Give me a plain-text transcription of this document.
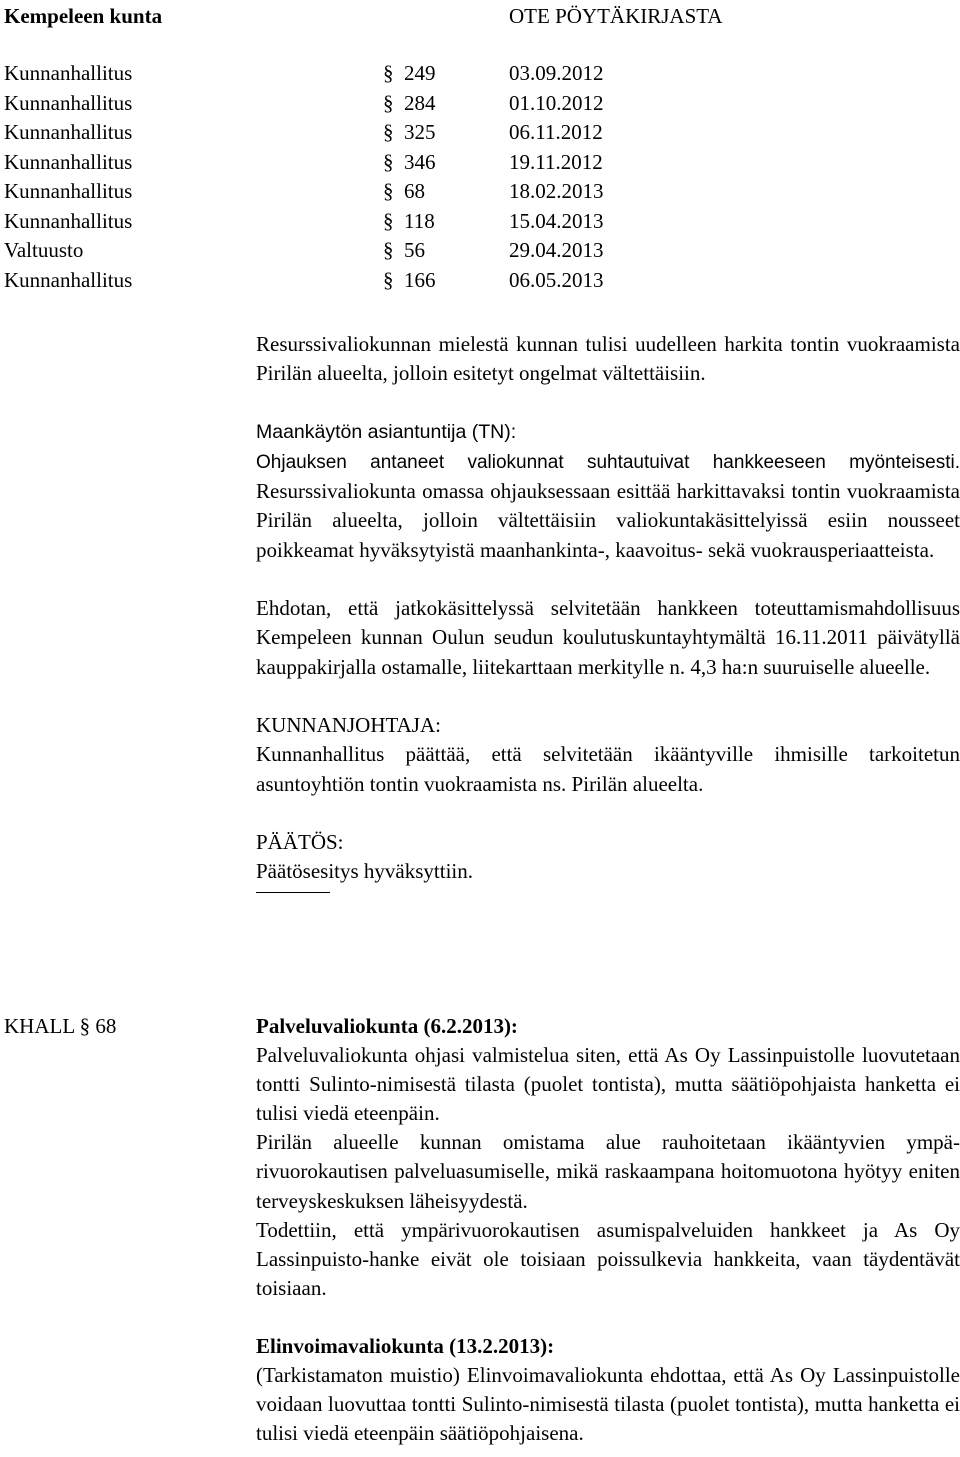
Kempeleen kunta	OTE PÖYTÄKIRJASTA
Kunnanhallitus	§ 249	03.09.2012
Kunnanhallitus	§ 284	01.10.2012
Kunnanhallitus	§ 325	06.11.2012
Kunnanhallitus	§ 346	19.11.2012
Kunnanhallitus	§ 68	18.02.2013
Kunnanhallitus	§ 118	15.04.2013
Valtuusto	§ 56	29.04.2013
Kunnanhallitus	§ 166	06.05.2013

Resurssivaliokunnan mielestä kunnan tulisi uudelleen harkita tontin vuokraamista Pirilän alueelta, jolloin esitetyt ongelmat vältettäisiin.

Maankäytön asiantuntija (TN):

Ohjauksen antaneet valiokunnat suhtautuivat hankkeeseen myönteisesti. Resurssivaliokunta omassa ohjauksessaan esittää harkittavaksi tontin vuokraamista Pirilän alueelta, jolloin vältettäisiin valiokuntakäsittelyissä esiin nousseet poikkeamat hyväksytyistä maanhankinta-, kaavoitus- sekä vuokrausperiaatteista.

Ehdotan, että jatkokäsittelyssä selvitetään hankkeen toteuttamismahdollisuus Kempeleen kunnan Oulun seudun koulutuskuntayhtymältä 16.11.2011 päivätyllä kauppakirjalla ostamalle, liitekarttaan merkitylle n. 4,3 ha:n suuruiselle alueelle.

KUNNANJOHTAJA:

Kunnanhallitus päättää, että selvitetään ikääntyville ihmisille tarkoitetun asuntoyhtiön tontin vuokraamista ns. Pirilän alueelta.

PÄÄTÖS:

Päätösesitys hyväksyttiin.

KHALL § 68	Palveluvaliokunta (6.2.2013):

Palveluvaliokunta ohjasi valmistelua siten, että As Oy Lassinpuistolle luovutetaan tontti Sulinto-nimisestä tilasta (puolet tontista), mutta säätiöpohjaista hanketta ei tulisi viedä eteenpäin.

Pirilän alueelle kunnan omistama alue rauhoitetaan ikääntyvien ympärivuorokautisen palveluasumiselle, mikä raskaampana hoitomuotona hyötyy eniten terveyskeskuksen läheisyydestä.

Todettiin, että ympärivuorokautisen asumispalveluiden hankkeet ja As Oy Lassinpuisto-hanke eivät ole toisiaan poissulkevia hankkeita, vaan täydentävät toisiaan.

Elinvoimavaliokunta (13.2.2013):

(Tarkistamaton muistio) Elinvoimavaliokunta ehdottaa, että As Oy Lassinpuistolle voidaan luovuttaa tontti Sulinto-nimisestä tilasta (puolet tontista), mutta hanketta ei tulisi viedä eteenpäin säätiöpohjaisena.
